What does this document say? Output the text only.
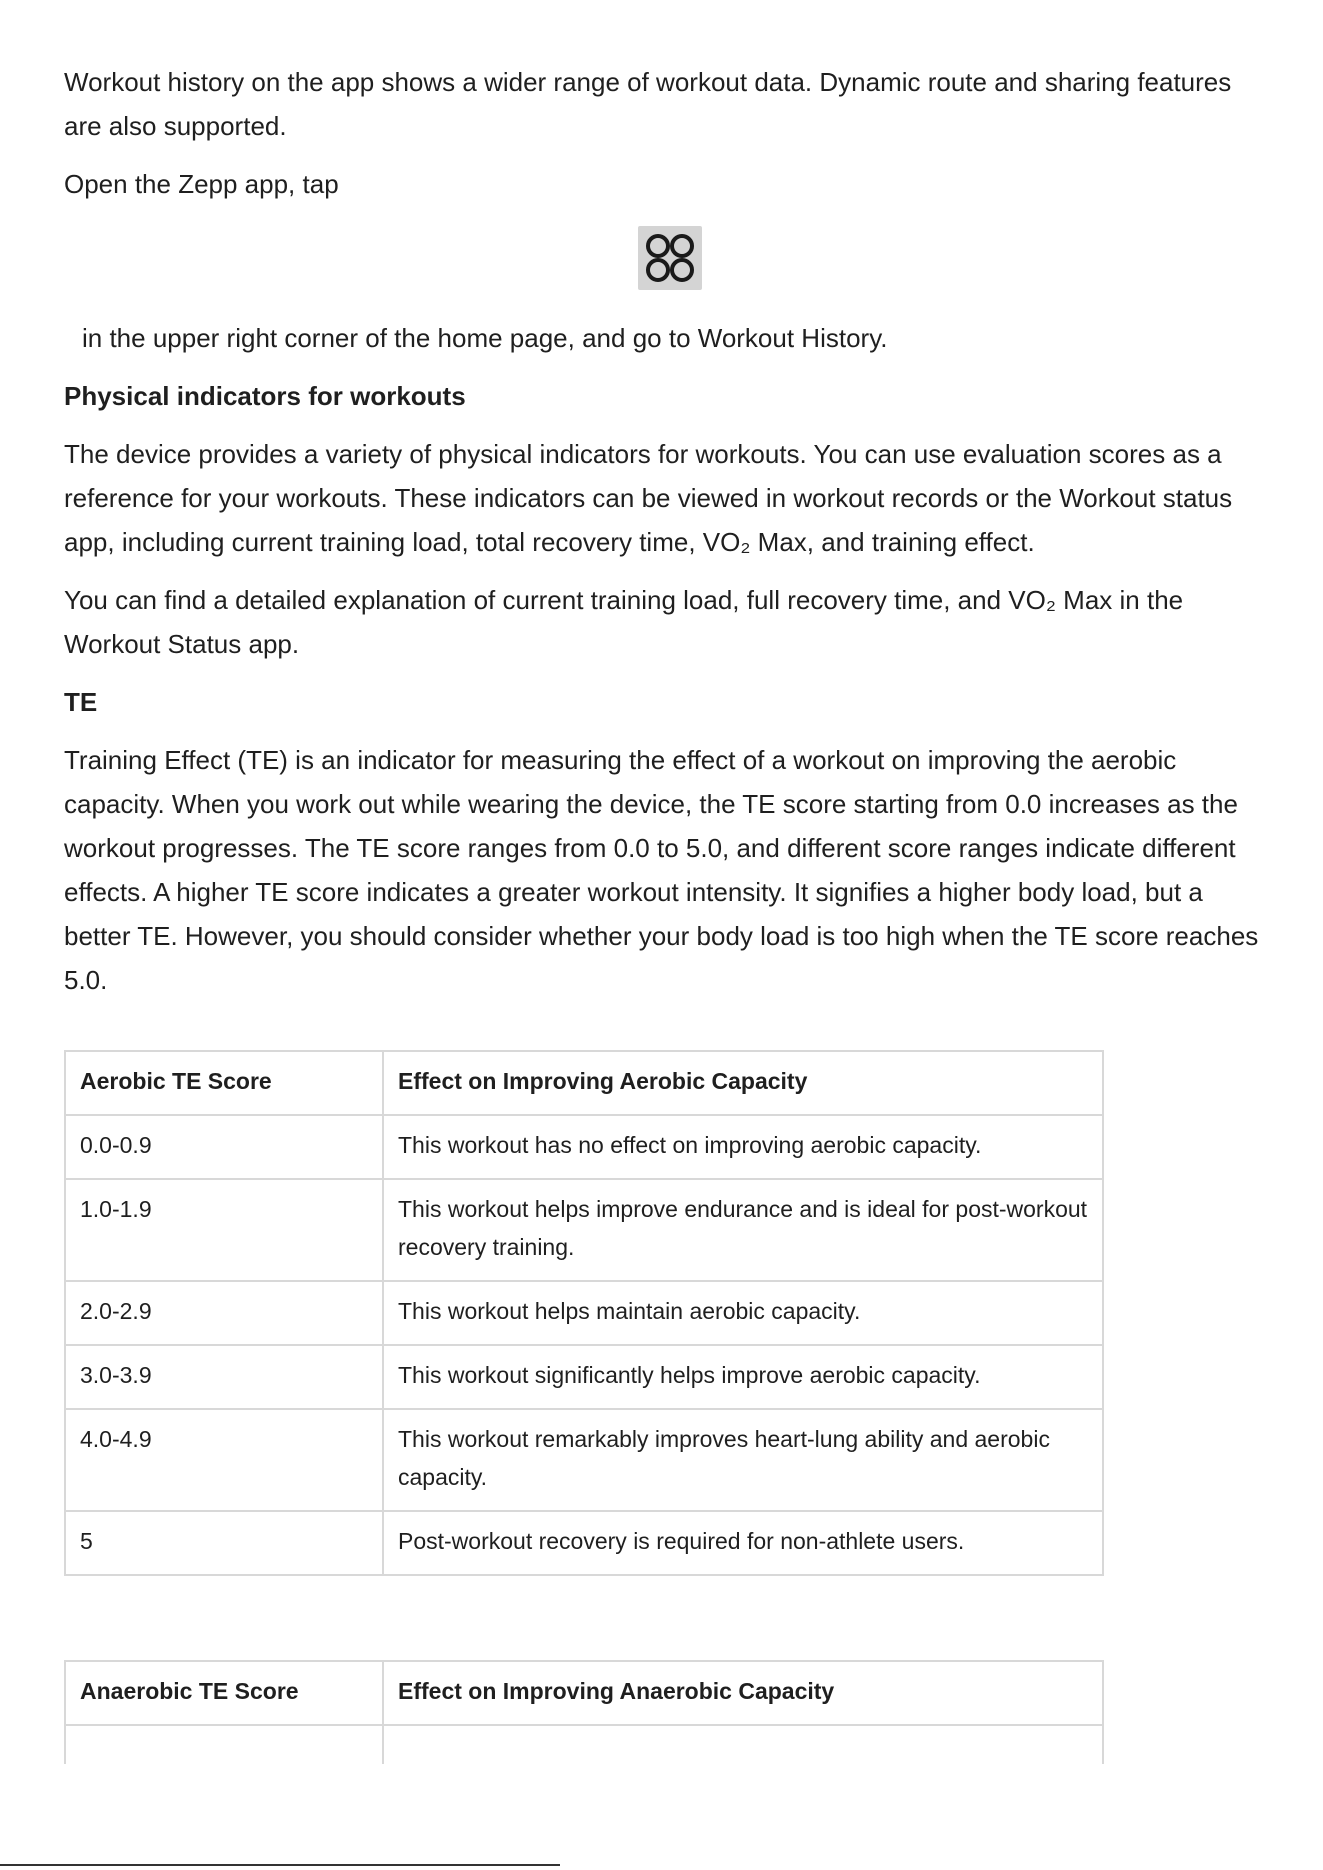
Workout history on the app shows a wider range of workout data. Dynamic route and sharing features are also supported.

Open the Zepp app, tap

in the upper right corner of the home page, and go to Workout History.

Physical indicators for workouts

The device provides a variety of physical indicators for workouts. You can use evaluation scores as a reference for your workouts. These indicators can be viewed in workout records or the Workout status app, including current training load, total recovery time, VO₂ Max, and training effect.

You can find a detailed explanation of current training load, full recovery time, and VO₂ Max in the Workout Status app.

TE

Training Effect (TE) is an indicator for measuring the effect of a workout on improving the aerobic capacity. When you work out while wearing the device, the TE score starting from 0.0 increases as the workout progresses. The TE score ranges from 0.0 to 5.0, and different score ranges indicate different effects. A higher TE score indicates a greater workout intensity. It signifies a higher body load, but a better TE. However, you should consider whether your body load is too high when the TE score reaches 5.0.

Aerobic TE Score	Effect on Improving Aerobic Capacity
0.0-0.9	This workout has no effect on improving aerobic capacity.
1.0-1.9	This workout helps improve endurance and is ideal for post-workout recovery training.
2.0-2.9	This workout helps maintain aerobic capacity.
3.0-3.9	This workout significantly helps improve aerobic capacity.
4.0-4.9	This workout remarkably improves heart-lung ability and aerobic capacity.
5	Post-workout recovery is required for non-athlete users.
Anaerobic TE Score	Effect on Improving Anaerobic Capacity
